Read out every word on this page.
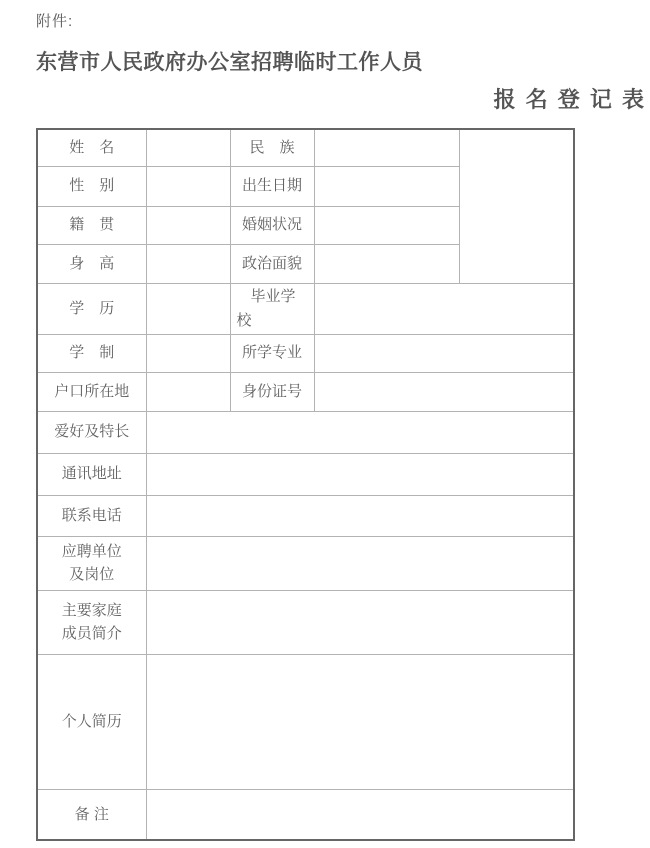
附件:
东营市人民政府办公室招聘临时工作人员
报 名 登 记 表
姓　名		民　族		
性　别		出生日期		
籍　贯		婚姻状况		
身　高		政治面貌		
学　历		毕业学校		
学　制		所学专业		
户口所在地		身份证号		
爱好及特长				
通讯地址				
联系电话				
应聘单位及岗位				
主要家庭成员简介				
个人简历				
备 注				
